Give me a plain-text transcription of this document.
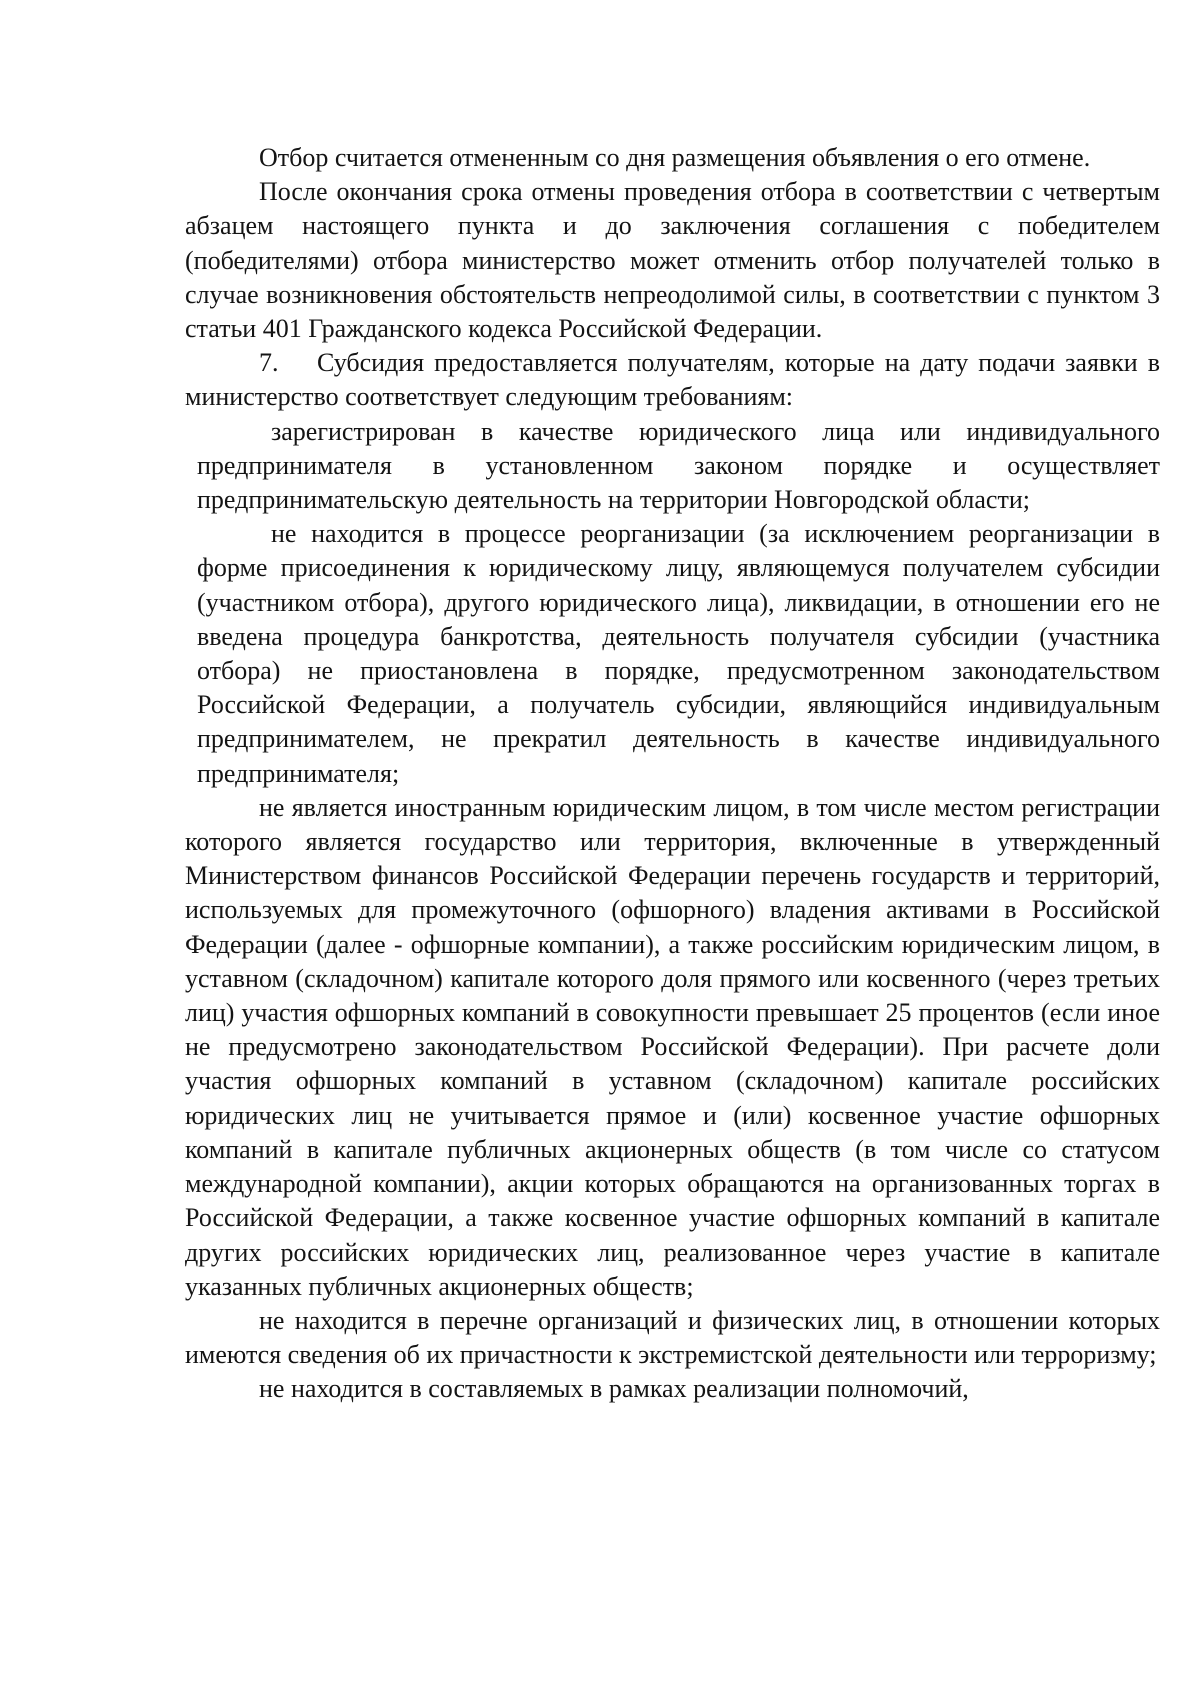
Отбор считается отмененным со дня размещения объявления о его отмене.

После окончания срока отмены проведения отбора в соответствии с четвертым абзацем настоящего пункта и до заключения соглашения с победителем (победителями) отбора министерство может отменить отбор получателей только в случае возникновения обстоятельств непреодолимой силы, в соответствии с пунктом 3 статьи 401 Гражданского кодекса Российской Федерации.

7. Субсидия предоставляется получателям, которые на дату подачи заявки в министерство соответствует следующим требованиям:

зарегистрирован в качестве юридического лица или индивидуального предпринимателя в установленном законом порядке и осуществляет предпринимательскую деятельность на территории Новгородской области;

не находится в процессе реорганизации (за исключением реорганизации в форме присоединения к юридическому лицу, являющемуся получателем субсидии (участником отбора), другого юридического лица), ликвидации, в отношении его не введена процедура банкротства, деятельность получателя субсидии (участника отбора) не приостановлена в порядке, предусмотренном законодательством Российской Федерации, а получатель субсидии, являющийся индивидуальным предпринимателем, не прекратил деятельность в качестве индивидуального предпринимателя;

не является иностранным юридическим лицом, в том числе местом регистрации которого является государство или территория, включенные в утвержденный Министерством финансов Российской Федерации перечень государств и территорий, используемых для промежуточного (офшорного) владения активами в Российской Федерации (далее - офшорные компании), а также российским юридическим лицом, в уставном (складочном) капитале которого доля прямого или косвенного (через третьих лиц) участия офшорных компаний в совокупности превышает 25 процентов (если иное не предусмотрено законодательством Российской Федерации). При расчете доли участия офшорных компаний в уставном (складочном) капитале российских юридических лиц не учитывается прямое и (или) косвенное участие офшорных компаний в капитале публичных акционерных обществ (в том числе со статусом международной компании), акции которых обращаются на организованных торгах в Российской Федерации, а также косвенное участие офшорных компаний в капитале других российских юридических лиц, реализованное через участие в капитале указанных публичных акционерных обществ;

не находится в перечне организаций и физических лиц, в отношении которых имеются сведения об их причастности к экстремистской деятельности или терроризму;

не находится в составляемых в рамках реализации полномочий,
